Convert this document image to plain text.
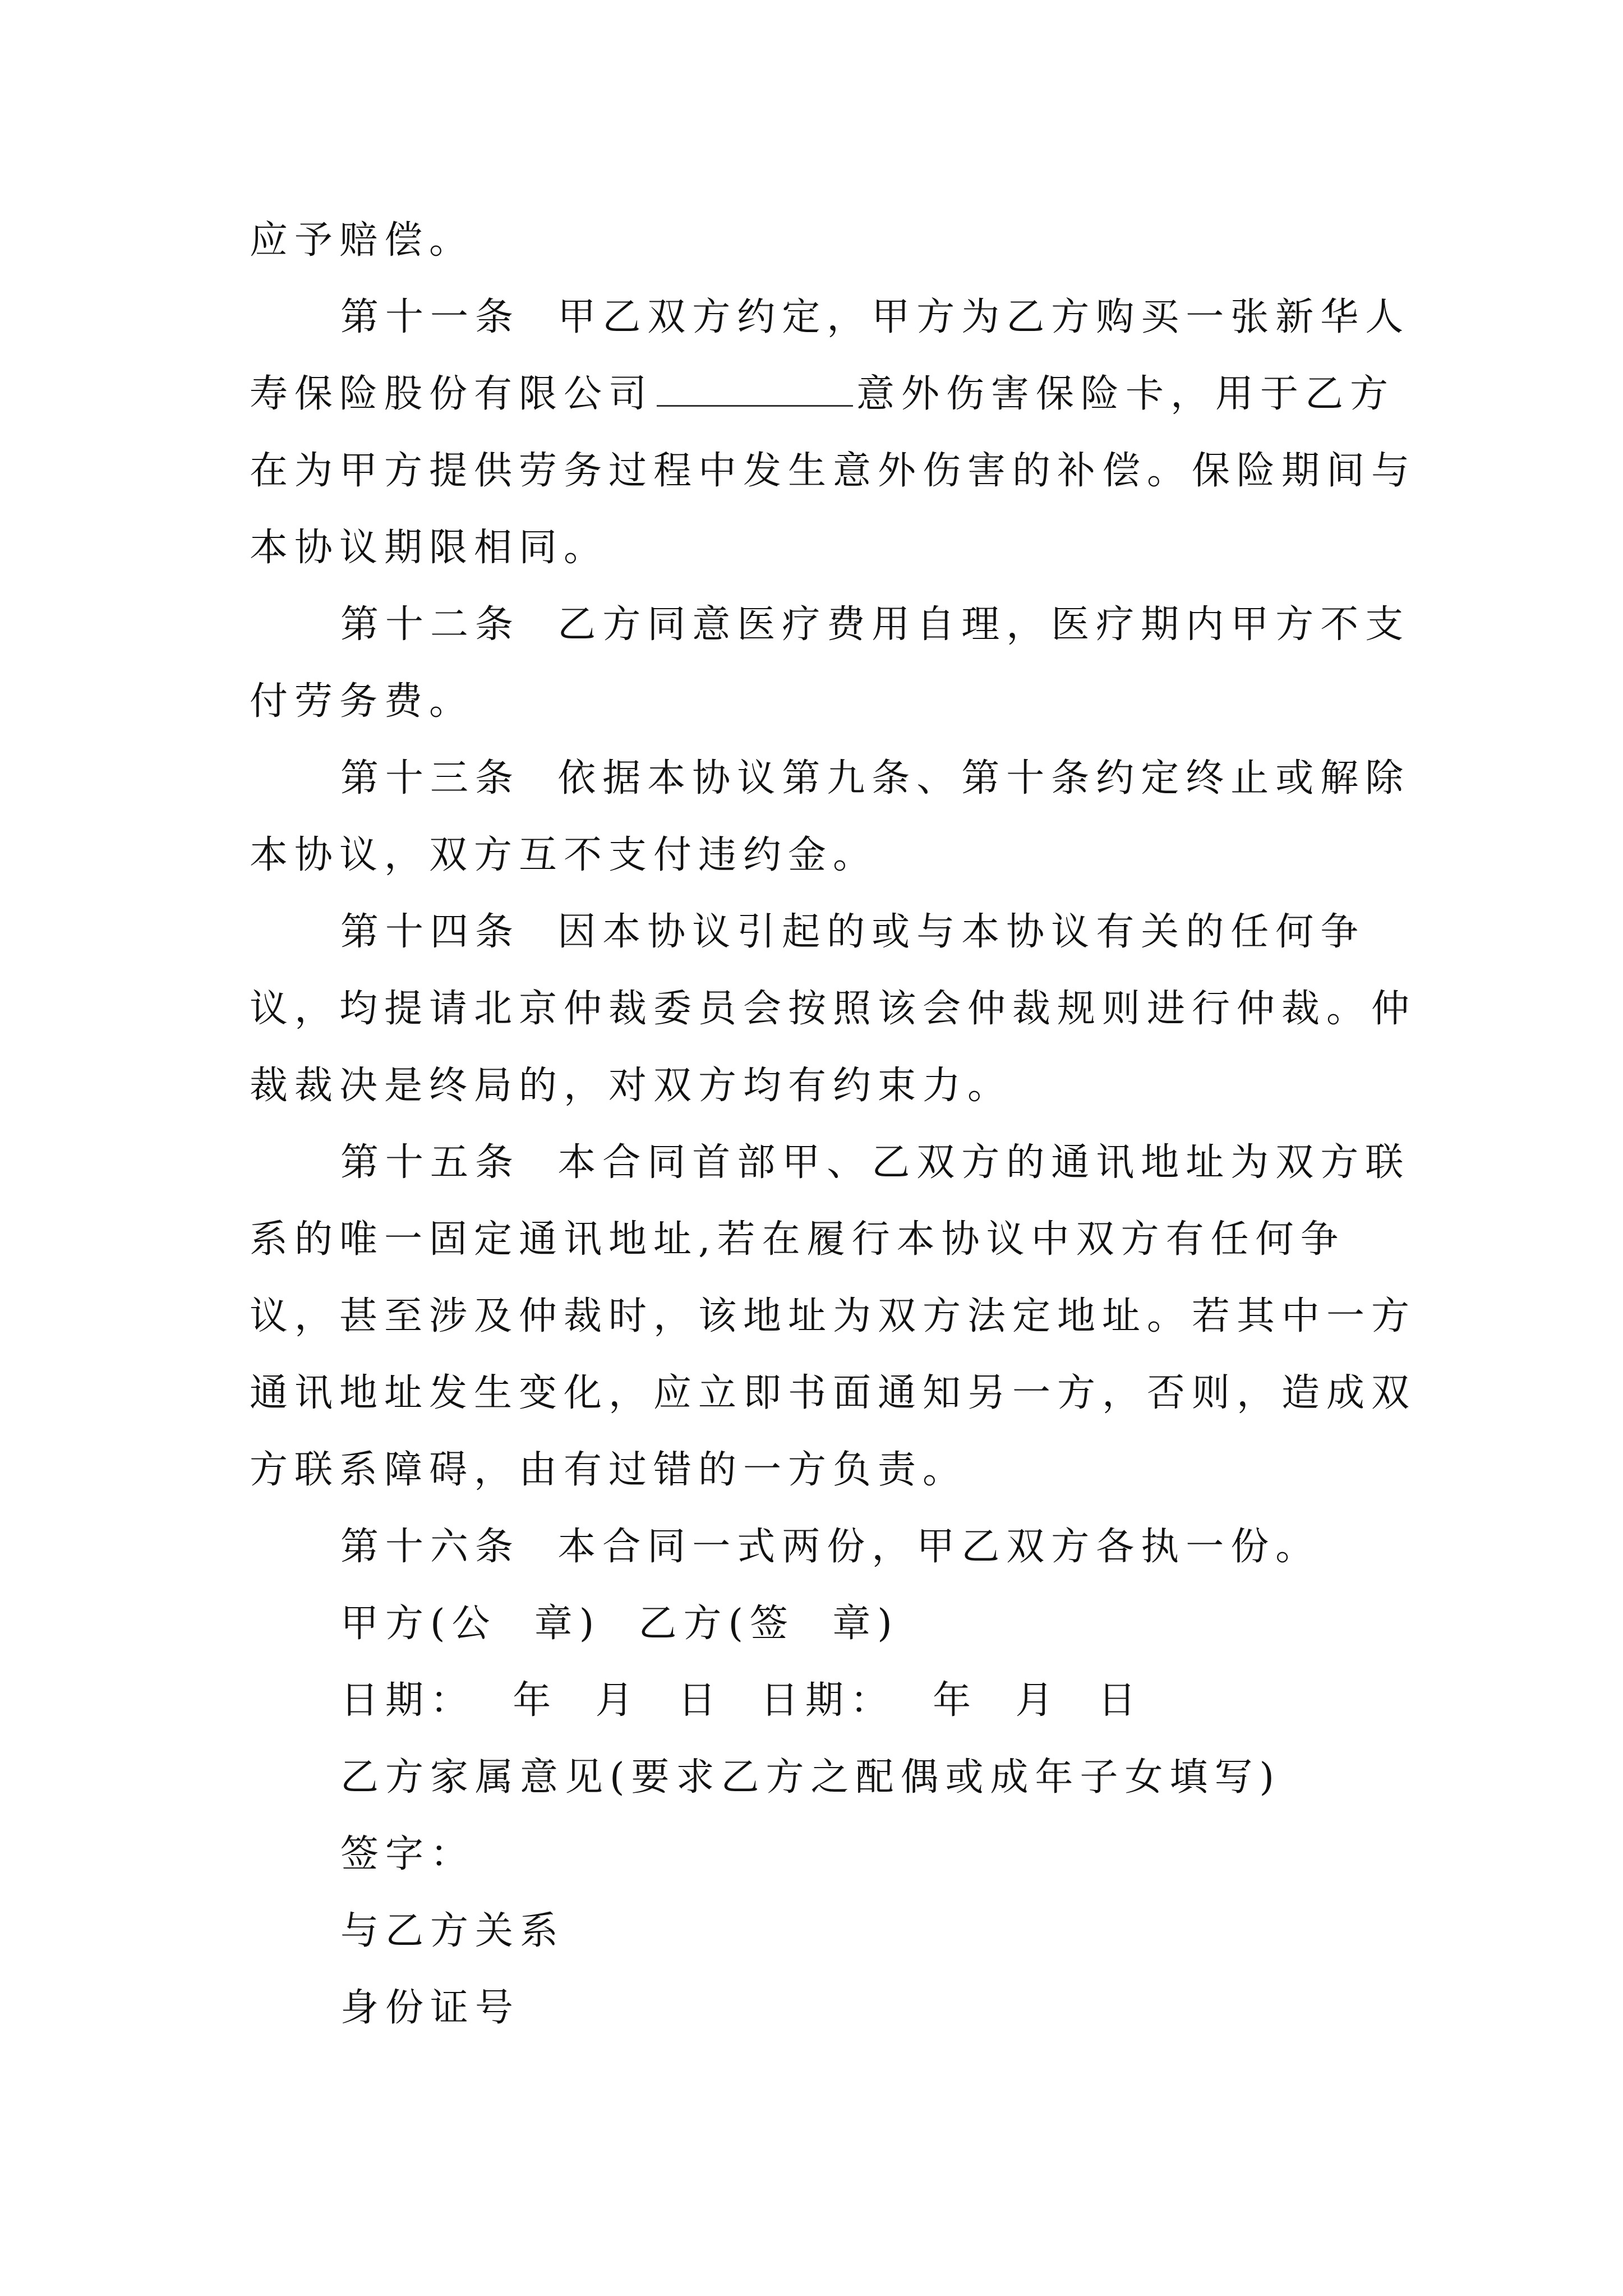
应予赔偿。

第十一条  甲乙双方约定，甲方为乙方购买一张新华人寿保险股份有限公司	意外伤害保险卡，用于乙方在为甲方提供劳务过程中发生意外伤害的补偿。保险期间与本协议期限相同。

第十二条  乙方同意医疗费用自理，医疗期内甲方不支付劳务费。

第十三条  依据本协议第九条、第十条约定终止或解除本协议，双方互不支付违约金。

第十四条  因本协议引起的或与本协议有关的任何争议，均提请北京仲裁委员会按照该会仲裁规则进行仲裁。仲裁裁决是终局的，对双方均有约束力。

第十五条  本合同首部甲、乙双方的通讯地址为双方联系的唯一固定通讯地址,若在履行本协议中双方有任何争议，甚至涉及仲裁时，该地址为双方法定地址。若其中一方通讯地址发生变化，应立即书面通知另一方，否则，造成双方联系障碍，由有过错的一方负责。

第十六条  本合同一式两份，甲乙双方各执一份。

甲方(公  章)  乙方(签  章)

日期：  年  月  日  日期：  年  月  日

乙方家属意见(要求乙方之配偶或成年子女填写)

签字：

与乙方关系

身份证号
